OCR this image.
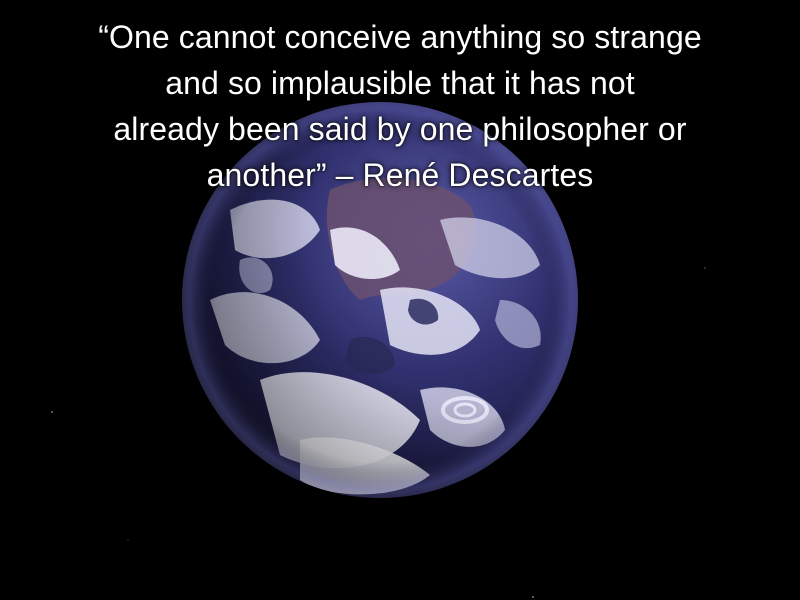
“One cannot conceive anything so strange
and so implausible that it has not
already been said by one philosopher or
another” – René Descartes
